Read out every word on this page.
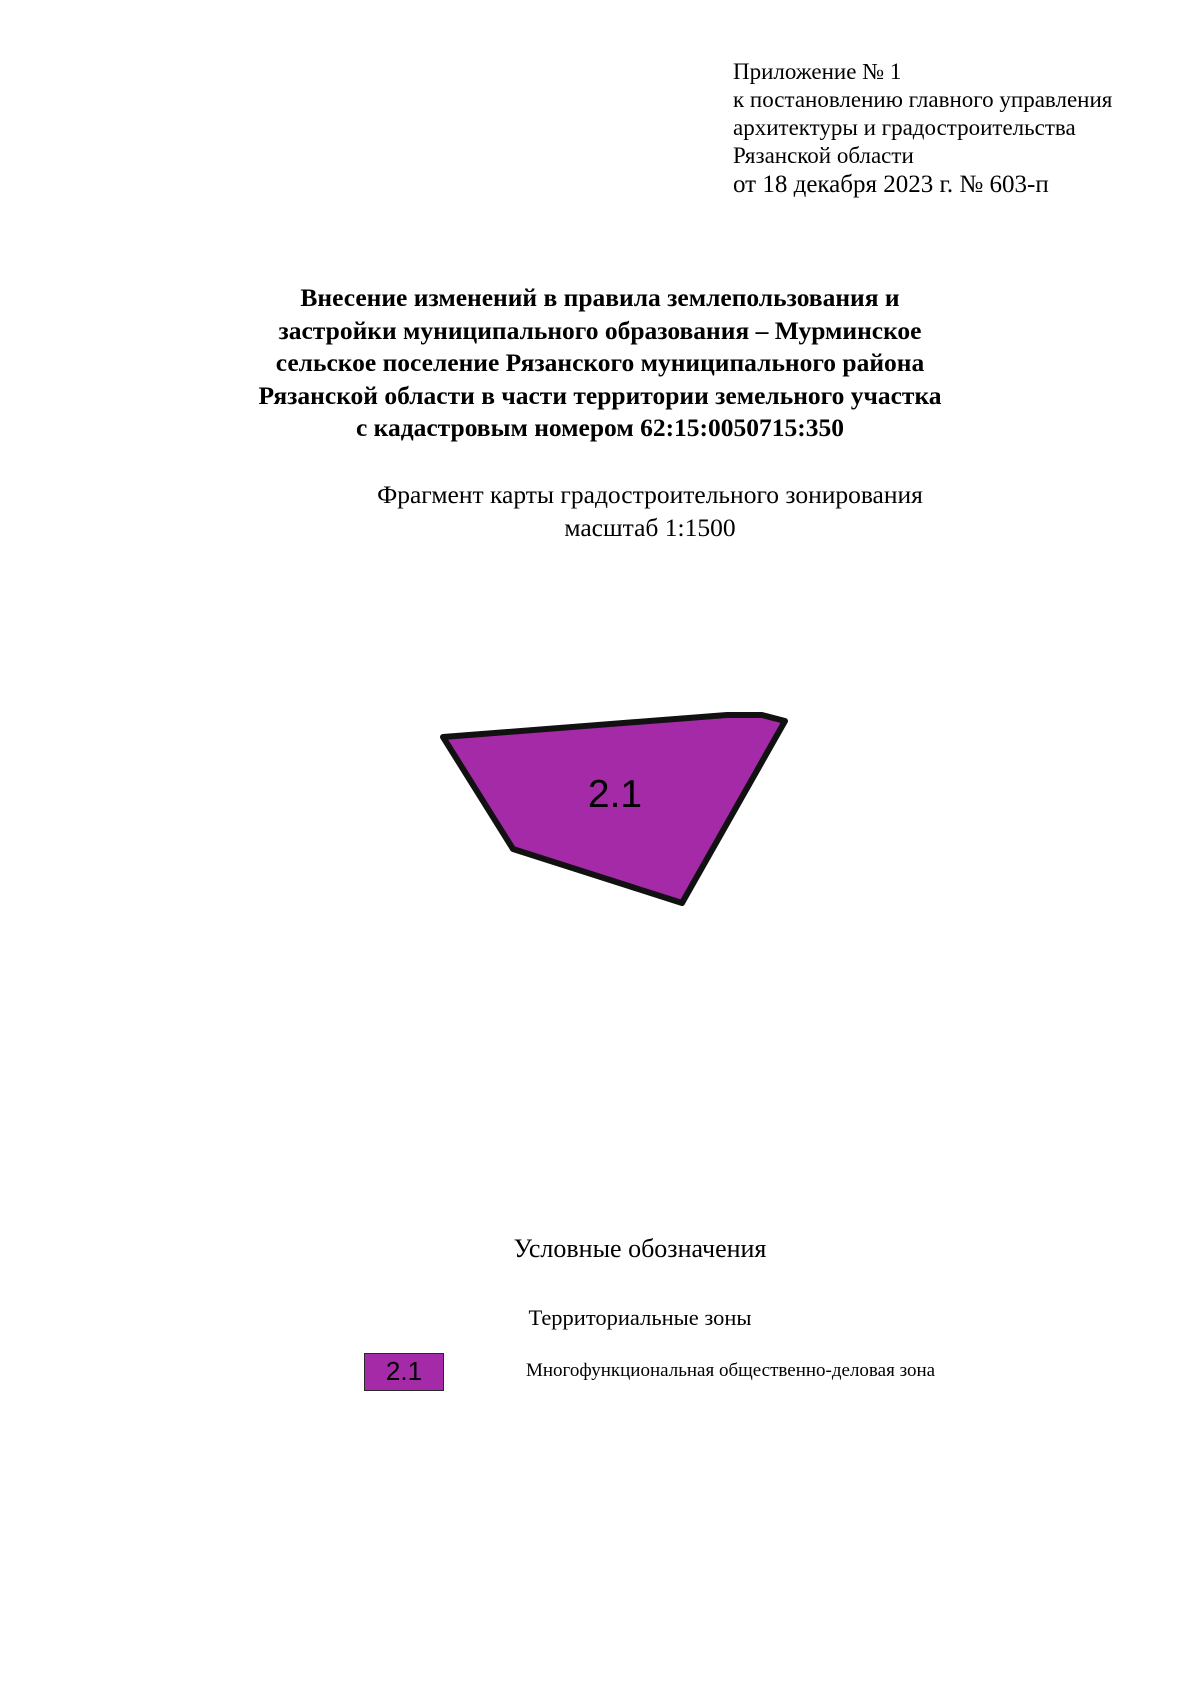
Приложение № 1
к постановлению главного управления
архитектуры и градостроительства
Рязанской области
от 18 декабря 2023 г. № 603-п
Внесение изменений в правила землепользования и
застройки муниципального образования – Мурминское
сельское поселение Рязанского муниципального района
Рязанской области в части территории земельного участка
с кадастровым номером 62:15:0050715:350
Фрагмент карты градостроительного зонирования
масштаб 1:1500
2.1
Условные обозначения
Территориальные зоны
2.1	Многофункциональная общественно-деловая зона
